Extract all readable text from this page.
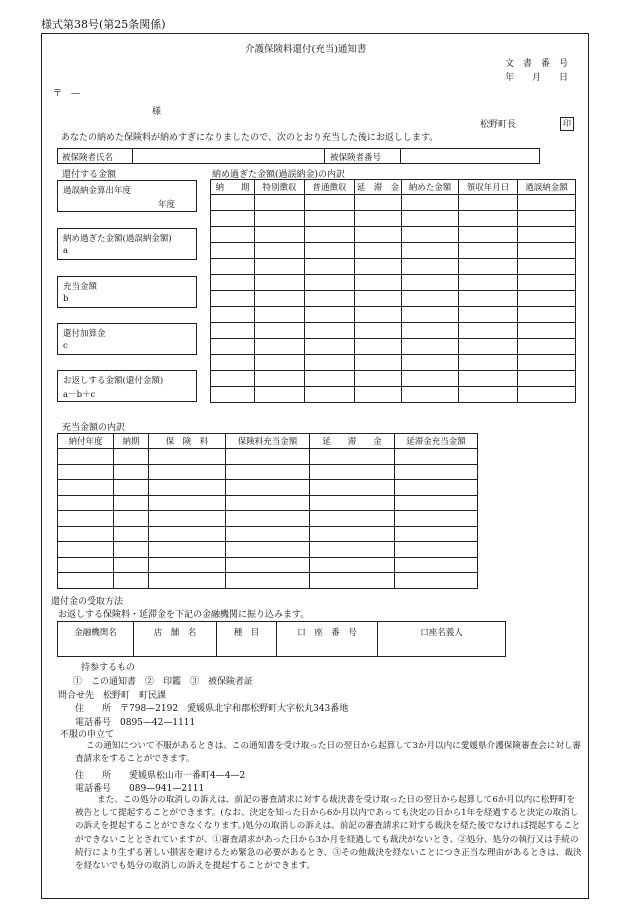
様式第38号(第25条関係)
介護保険料還付(充当)通知書
文　書　番　号
年　　月　　日
〒　—
様
松野町長	印
あなたの納めた保険料が納めすぎになりましたので、次のとおり充当した後にお返しします。
被保険者氏名	被保険者番号
還付する金額
過誤納金算出年度
年度
納め過ぎた金額(過誤納金額)
a
充当金額
b
還付加算金
c
お返しする金額(還付金額)
a－b＋c
納め過ぎた金額(過誤納金)の内訳
納　　期	特別徴収	普通徴収	延　滞　金	納めた金額	領収年月日	過誤納金額

充当金額の内訳
納付年度	納期	保　険　料	保険料充当金額	延　　滞　　金	延滞金充当金額

還付金の受取方法
お返しする保険料・延滞金を下記の金融機関に振り込みます。
金融機関名	店　舗　名	種　目	口　座　番　号	口座名義人
持参するもの
①　この通知書　②　印鑑　③　被保険者証
問合せ先　松野町　町民課
住　　所　〒798—2192　愛媛県北宇和郡松野町大字松丸343番地
電話番号　0895—42—1111
不服の申立て
この通知について不服があるときは、この通知書を受け取った日の翌日から起算して3か月以内に愛媛県介護保険審査会に対し審査請求をすることができます。
住　　所　　愛媛県松山市一番町4—4—2
電話番号　　089—941—2111
また、この処分の取消しの訴えは、前記の審査請求に対する裁決書を受け取った日の翌日から起算して6か月以内に松野町を被告として提起することができます。(なお、決定を知った日から6か月以内であっても決定の日から1年を経過すると決定の取消しの訴えを提起することができなくなります。)処分の取消しの訴えは、前記の審査請求に対する裁決を経た後でなければ提起することができないこととされていますが、①審査請求があった日から3か月を経過しても裁決がないとき、②処分、処分の執行又は手続の続行により生ずる著しい損害を避けるため緊急の必要があるとき、③その他裁決を経ないことにつき正当な理由があるときは、裁決を経ないでも処分の取消しの訴えを提起することができます。
